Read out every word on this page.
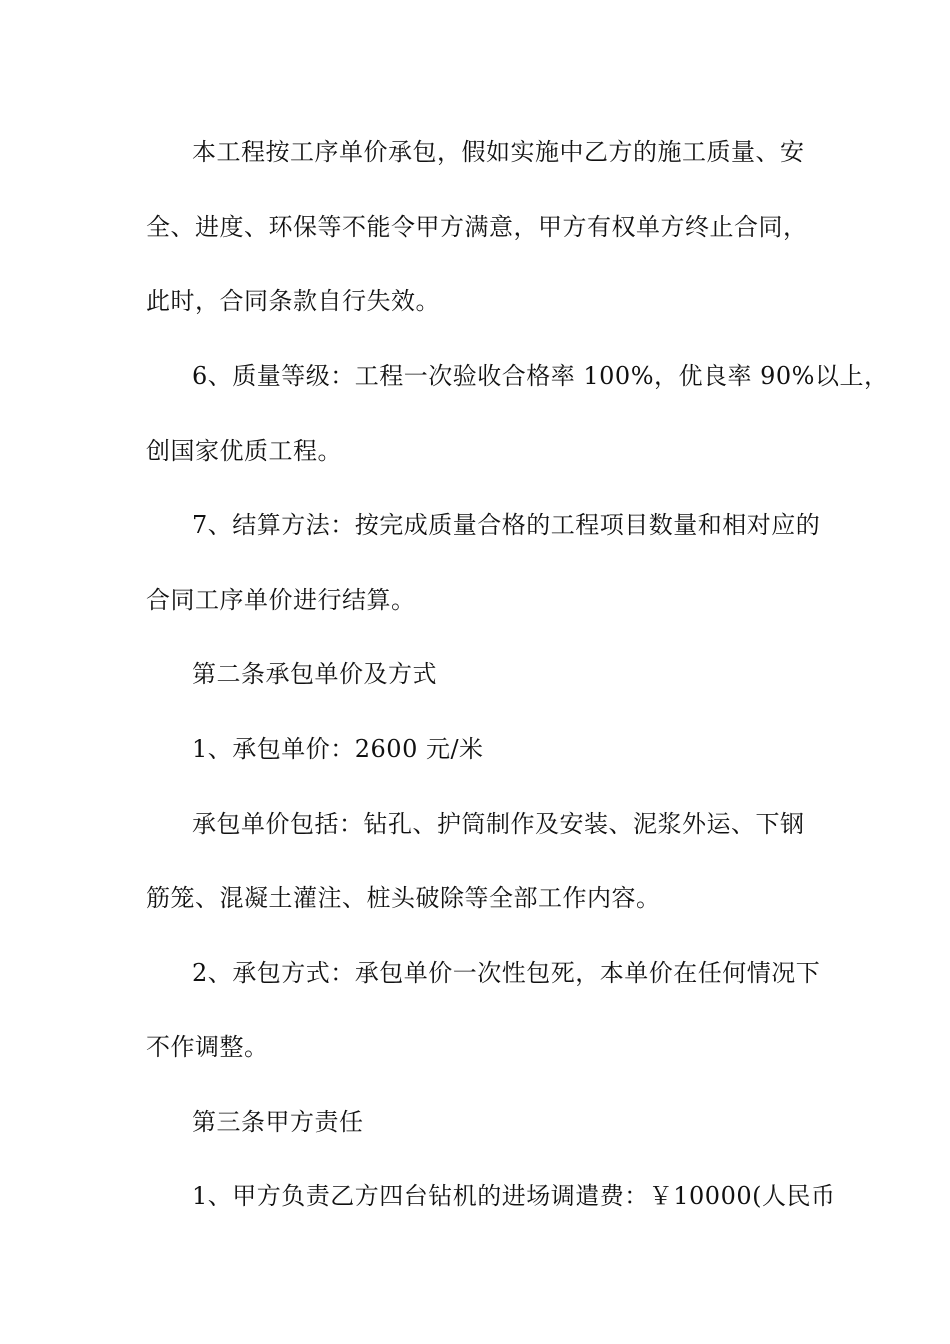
本工程按工序单价承包，假如实施中乙方的施工质量、安
全、进度、环保等不能令甲方满意，甲方有权单方终止合同，
此时，合同条款自行失效。
6、质量等级：工程一次验收合格率 100%，优良率 90%以上，
创国家优质工程。
7、结算方法：按完成质量合格的工程项目数量和相对应的
合同工序单价进行结算。
第二条承包单价及方式
1、承包单价：2600 元/米
承包单价包括：钻孔、护筒制作及安装、泥浆外运、下钢
筋笼、混凝土灌注、桩头破除等全部工作内容。
2、承包方式：承包单价一次性包死，本单价在任何情况下
不作调整。
第三条甲方责任
1、甲方负责乙方四台钻机的进场调遣费：￥10000(人民币
